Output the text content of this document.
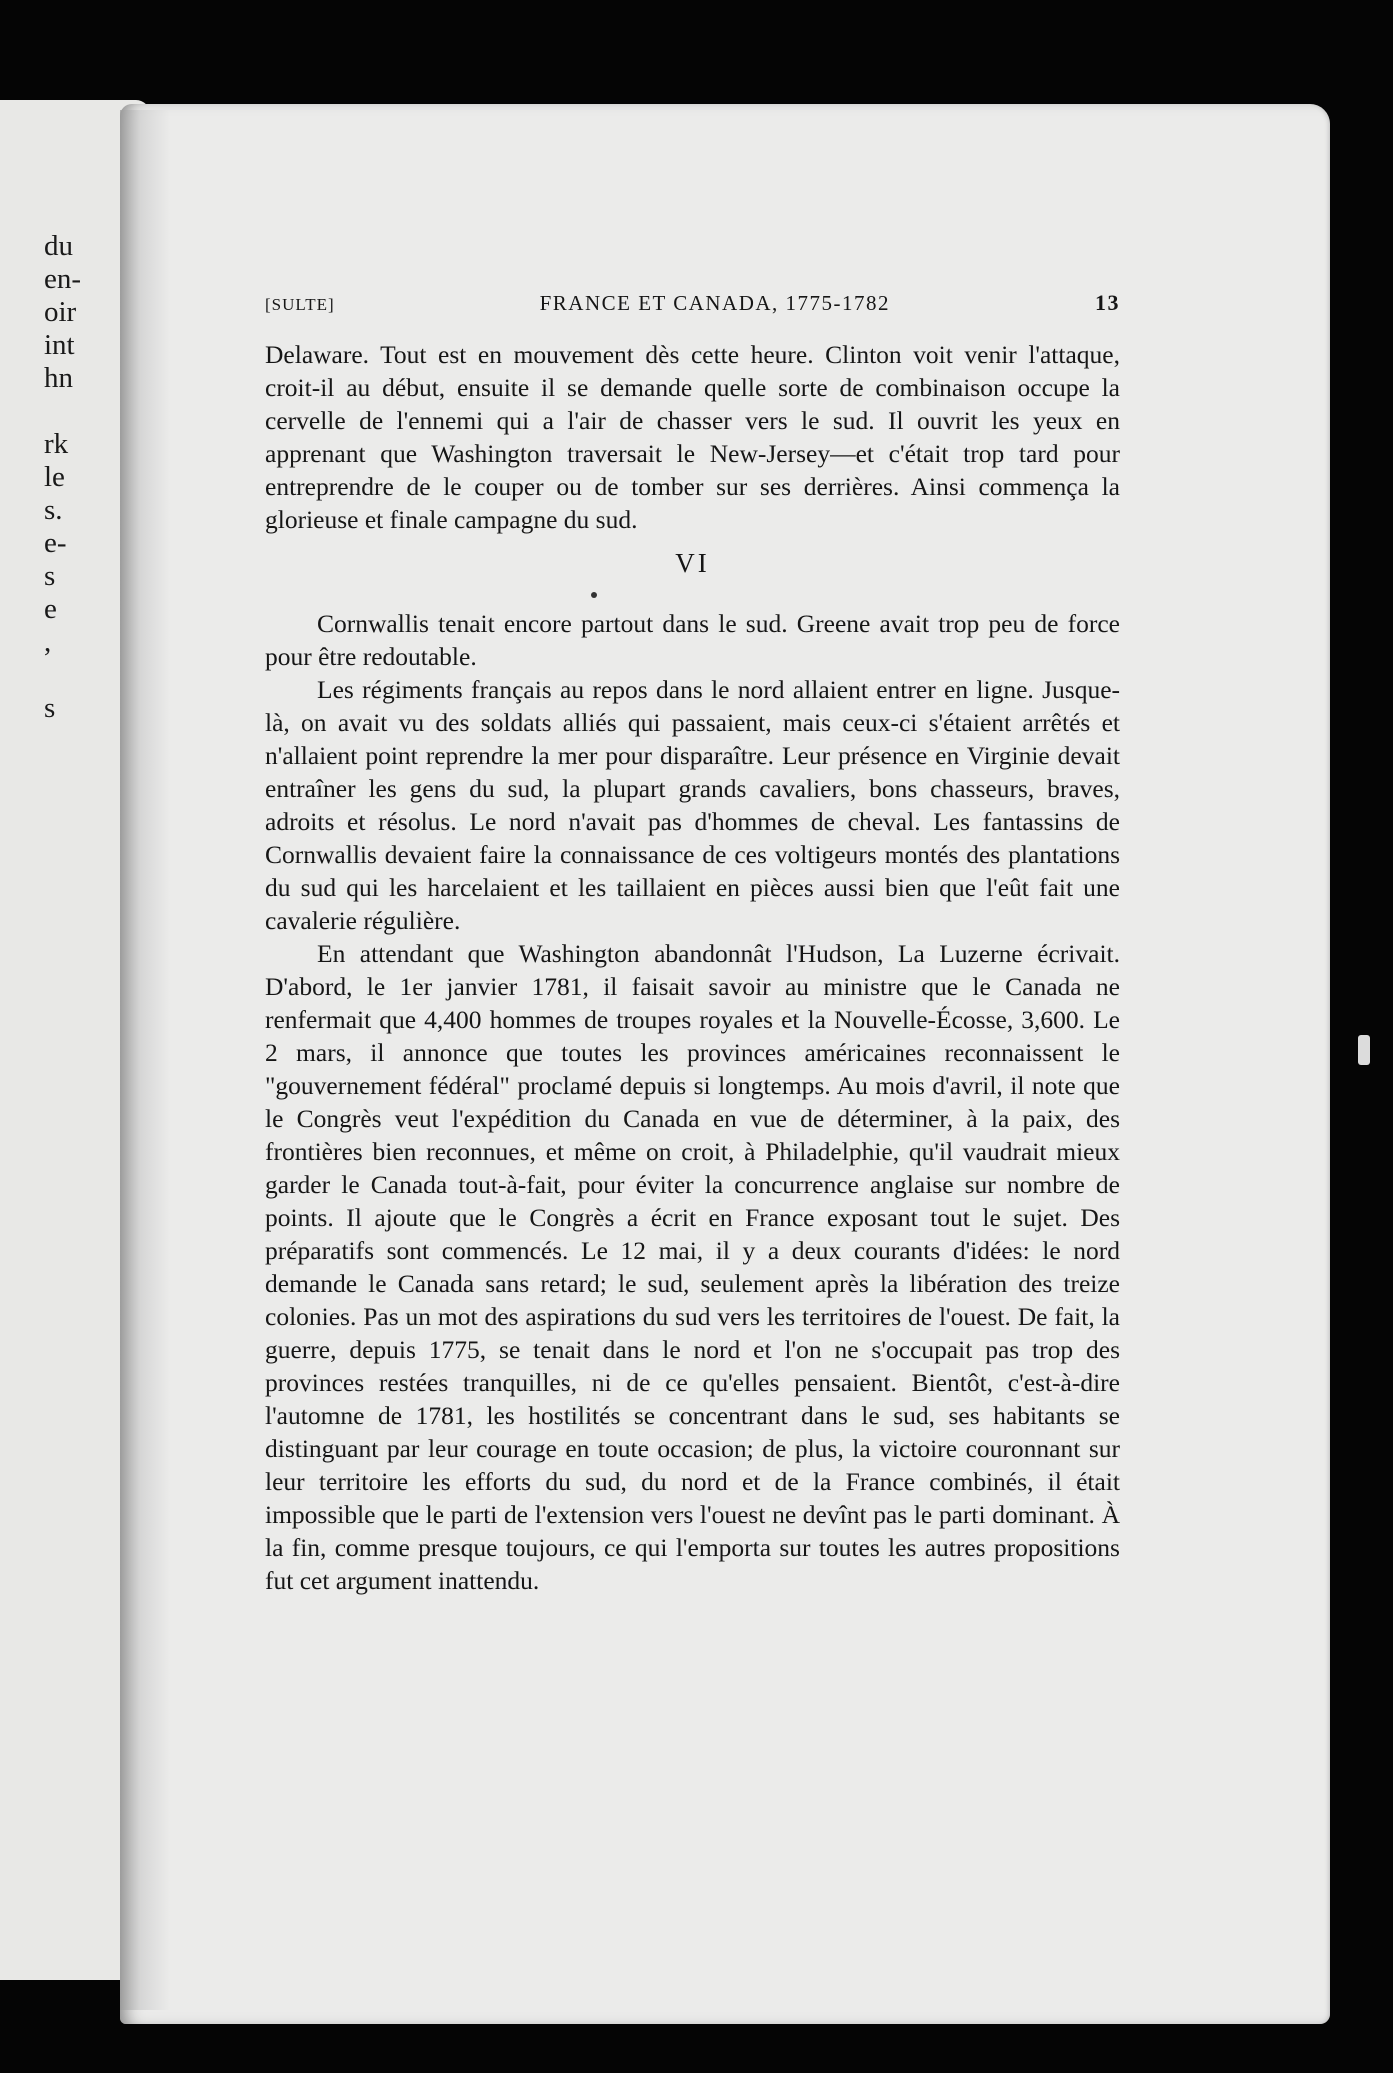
du
en-
oir
int
hn
rk
le
s.
e-
s
e
,
s
[SULTE]	FRANCE ET CANADA, 1775-1782	13

Delaware. Tout est en mouvement dès cette heure. Clinton voit venir l'attaque, croit-il au début, ensuite il se demande quelle sorte de combinaison occupe la cervelle de l'ennemi qui a l'air de chasser vers le sud. Il ouvrit les yeux en apprenant que Washington traversait le New-Jersey—et c'était trop tard pour entreprendre de le couper ou de tomber sur ses derrières. Ainsi commença la glorieuse et finale campagne du sud.

VI

Cornwallis tenait encore partout dans le sud. Greene avait trop peu de force pour être redoutable.

Les régiments français au repos dans le nord allaient entrer en ligne. Jusque-là, on avait vu des soldats alliés qui passaient, mais ceux-ci s'étaient arrêtés et n'allaient point reprendre la mer pour disparaître. Leur présence en Virginie devait entraîner les gens du sud, la plupart grands cavaliers, bons chasseurs, braves, adroits et résolus. Le nord n'avait pas d'hommes de cheval. Les fantassins de Cornwallis devaient faire la connaissance de ces voltigeurs montés des plantations du sud qui les harcelaient et les taillaient en pièces aussi bien que l'eût fait une cavalerie régulière.

En attendant que Washington abandonnât l'Hudson, La Luzerne écrivait. D'abord, le 1er janvier 1781, il faisait savoir au ministre que le Canada ne renfermait que 4,400 hommes de troupes royales et la Nouvelle-Écosse, 3,600. Le 2 mars, il annonce que toutes les provinces américaines reconnaissent le "gouvernement fédéral" proclamé depuis si longtemps. Au mois d'avril, il note que le Congrès veut l'expédition du Canada en vue de déterminer, à la paix, des frontières bien reconnues, et même on croit, à Philadelphie, qu'il vaudrait mieux garder le Canada tout-à-fait, pour éviter la concurrence anglaise sur nombre de points. Il ajoute que le Congrès a écrit en France exposant tout le sujet. Des préparatifs sont commencés. Le 12 mai, il y a deux courants d'idées: le nord demande le Canada sans retard; le sud, seulement après la libération des treize colonies. Pas un mot des aspirations du sud vers les territoires de l'ouest. De fait, la guerre, depuis 1775, se tenait dans le nord et l'on ne s'occupait pas trop des provinces restées tranquilles, ni de ce qu'elles pensaient. Bientôt, c'est-à-dire l'automne de 1781, les hostilités se concentrant dans le sud, ses habitants se distinguant par leur courage en toute occasion; de plus, la victoire couronnant sur leur territoire les efforts du sud, du nord et de la France combinés, il était impossible que le parti de l'extension vers l'ouest ne devînt pas le parti dominant. À la fin, comme presque toujours, ce qui l'emporta sur toutes les autres propositions fut cet argument inattendu.
